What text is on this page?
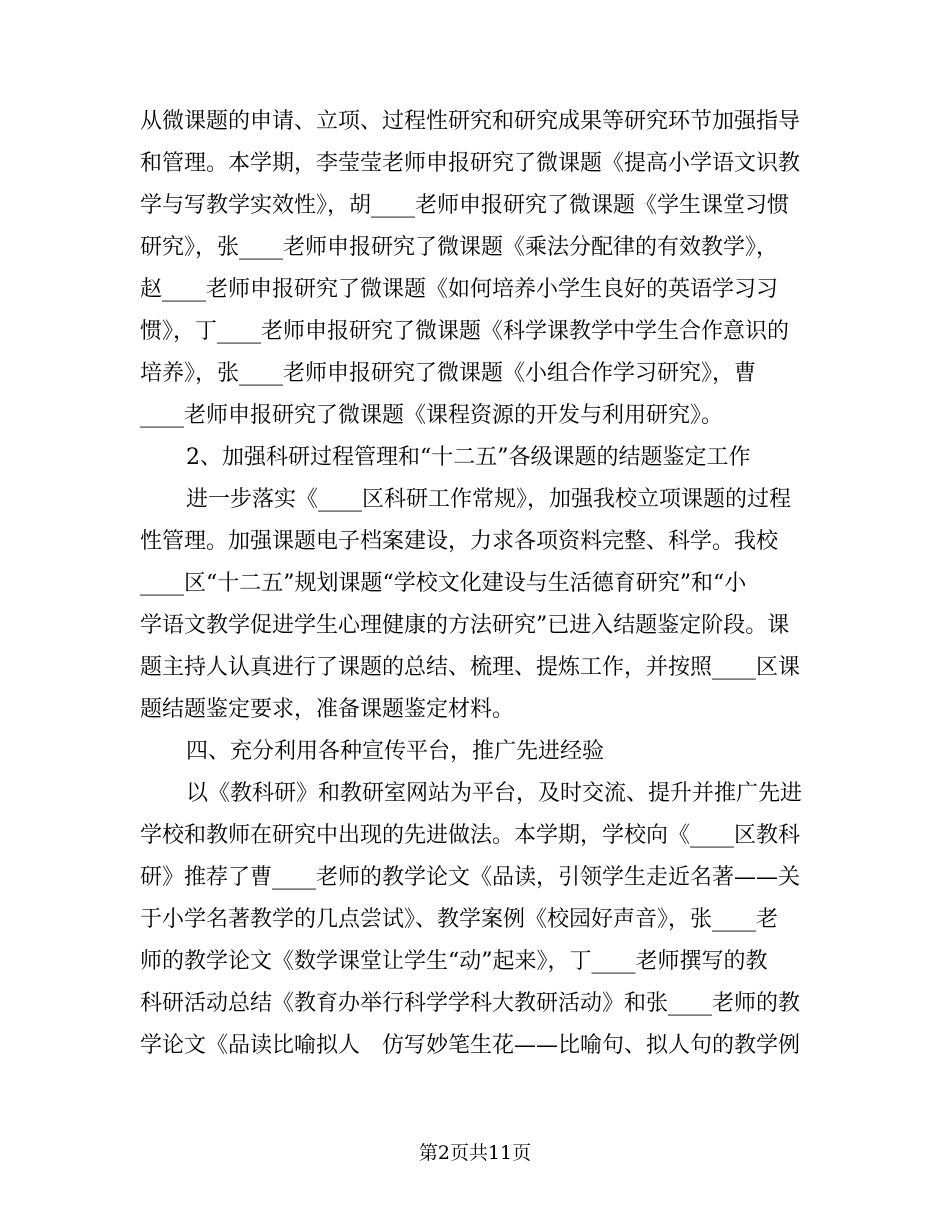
从微课题的申请、立项、过程性研究和研究成果等研究环节加强指导
和管理。本学期，李莹莹老师申报研究了微课题《提高小学语文识教
学与写教学实效性》，胡____老师申报研究了微课题《学生课堂习惯
研究》，张____老师申报研究了微课题《乘法分配律的有效教学》，
赵____老师申报研究了微课题《如何培养小学生良好的英语学习习
惯》，丁____老师申报研究了微课题《科学课教学中学生合作意识的
培养》，张____老师申报研究了微课题《小组合作学习研究》，曹
____老师申报研究了微课题《课程资源的开发与利用研究》。
2、加强科研过程管理和“十二五”各级课题的结题鉴定工作
进一步落实《____区科研工作常规》，加强我校立项课题的过程
性管理。加强课题电子档案建设，力求各项资料完整、科学。我校
____区“十二五”规划课题“学校文化建设与生活德育研究”和“小
学语文教学促进学生心理健康的方法研究”已进入结题鉴定阶段。课
题主持人认真进行了课题的总结、梳理、提炼工作，并按照____区课
题结题鉴定要求，准备课题鉴定材料。
四、充分利用各种宣传平台，推广先进经验
以《教科研》和教研室网站为平台，及时交流、提升并推广先进
学校和教师在研究中出现的先进做法。本学期，学校向《____区教科
研》推荐了曹____老师的教学论文《品读，引领学生走近名著——关
于小学名著教学的几点尝试》、教学案例《校园好声音》，张____老
师的教学论文《数学课堂让学生“动”起来》，丁____老师撰写的教
科研活动总结《教育办举行科学学科大教研活动》和张____老师的教
学论文《品读比喻拟人　仿写妙笔生花——比喻句、拟人句的教学例
第2页共11页
